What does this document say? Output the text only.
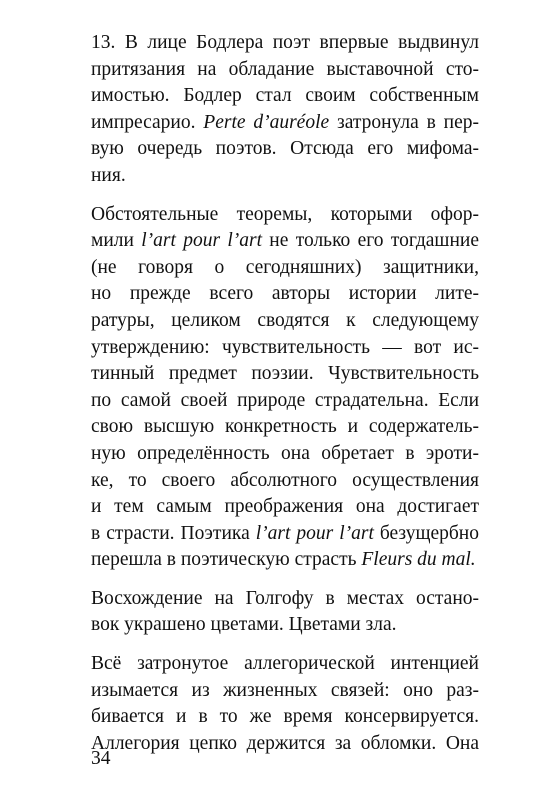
13. В лице Бодлера поэт впервые выдвинул
притязания на обладание выставочной сто-
имостью. Бодлер стал своим собственным
импресарио. Perte d’auréole затронула в пер-
вую очередь поэтов. Отсюда его мифома-
ния.
Обстоятельные теоремы, которыми офор-
мили l’art pour l’art не только его тогдашние
(не говоря о сегодняшних) защитники,
но прежде всего авторы истории лите-
ратуры, целиком сводятся к следующему
утверждению: чувствительность — вот ис-
тинный предмет поэзии. Чувствительность
по самой своей природе страдательна. Если
свою высшую конкретность и содержатель-
ную определённость она обретает в эроти-
ке, то своего абсолютного осуществления
и тем самым преображения она достигает
в страсти. Поэтика l’art pour l’art безущербно
перешла в поэтическую страсть Fleurs du mal.
Восхождение на Голгофу в местах остано-
вок украшено цветами. Цветами зла.
Всё затронутое аллегорической интенцией
изымается из жизненных связей: оно раз-
бивается и в то же время консервируется.
Аллегория цепко держится за обломки. Она
34
